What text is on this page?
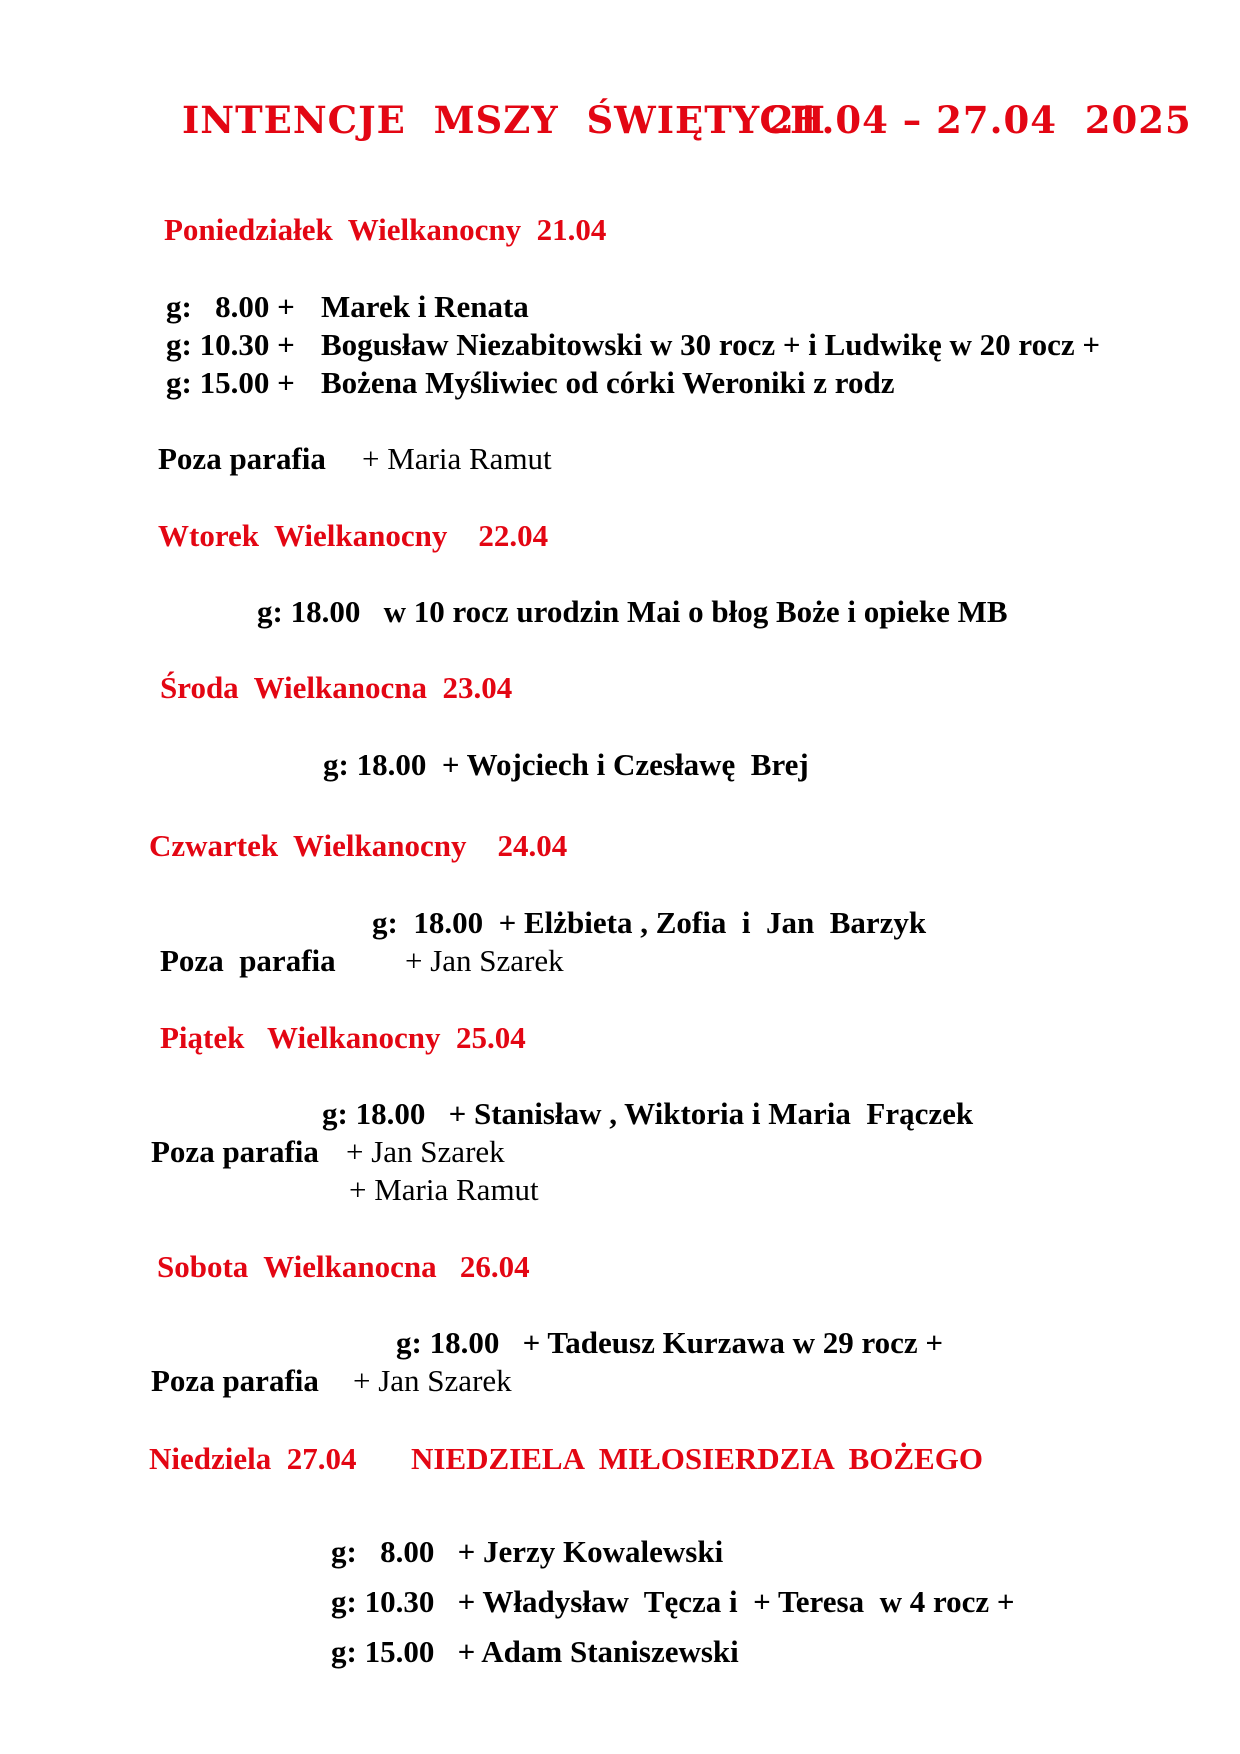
INTENCJE  MSZY  ŚWIĘTYCH
21.04 – 27.04  2025
Poniedziałek  Wielkanocny  21.04
g:   8.00 + Marek i Renata
g: 10.30 + Bogusław Niezabitowski w 30 rocz + i Ludwikę w 20 rocz +
g: 15.00 + Bożena Myśliwiec od córki Weroniki z rodz
Poza parafia + Maria Ramut
Wtorek  Wielkanocny    22.04
g: 18.00   w 10 rocz urodzin Mai o błog Boże i opieke MB
Środa  Wielkanocna  23.04
g: 18.00  + Wojciech i Czesławę  Brej
Czwartek  Wielkanocny    24.04
g:  18.00  + Elżbieta , Zofia  i  Jan  Barzyk
Poza  parafia + Jan Szarek
Piątek   Wielkanocny  25.04
g: 18.00   + Stanisław , Wiktoria i Maria  Frączek
Poza parafia + Jan Szarek
+ Maria Ramut
Sobota  Wielkanocna   26.04
g: 18.00   + Tadeusz Kurzawa w 29 rocz +
Poza parafia + Jan Szarek
Niedziela  27.04 NIEDZIELA  MIŁOSIERDZIA  BOŻEGO
g:   8.00   + Jerzy Kowalewski
g: 10.30   + Władysław  Tęcza i  + Teresa  w 4 rocz +
g: 15.00   + Adam Staniszewski
